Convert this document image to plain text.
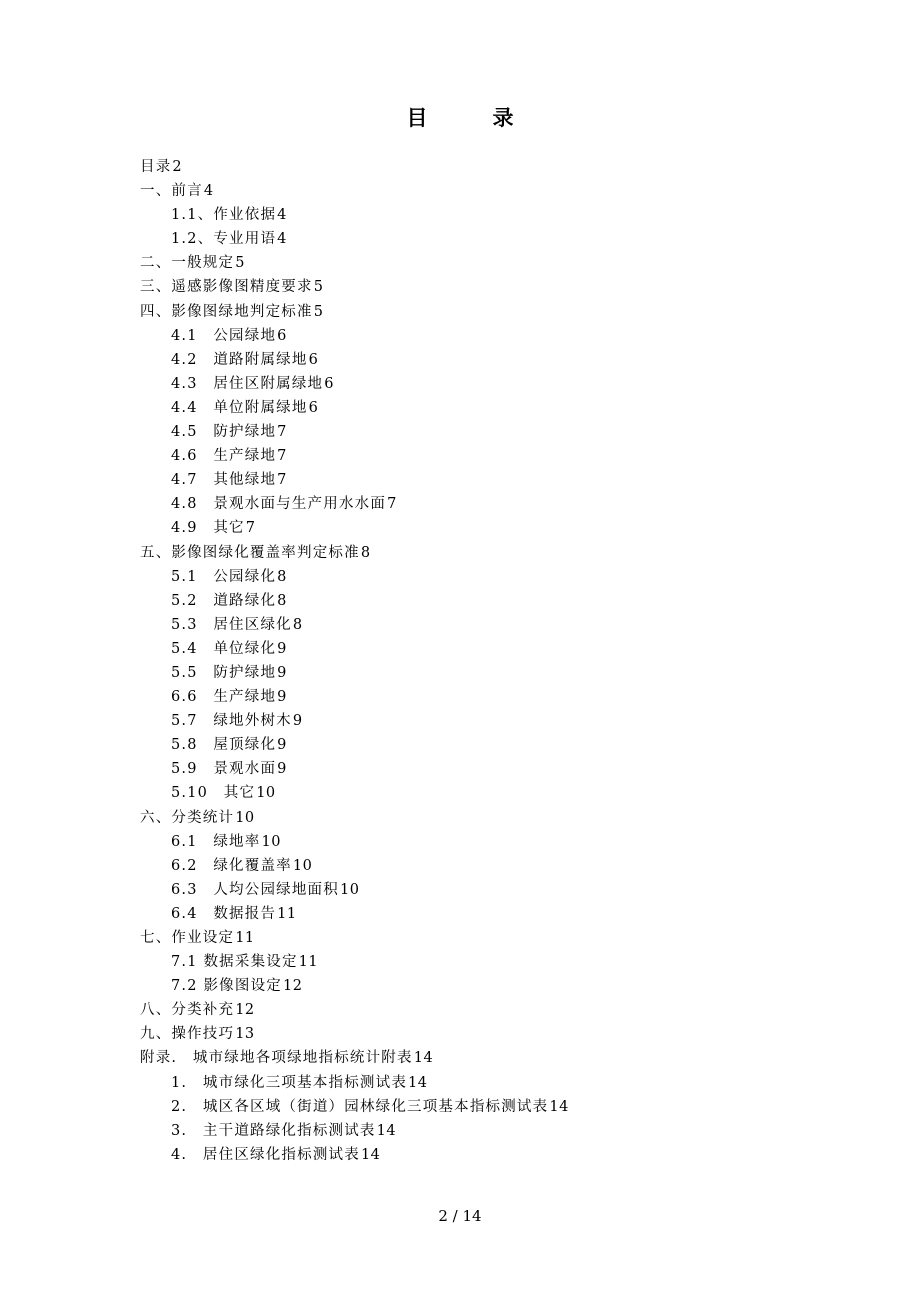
目　录
目录2
一、前言4
1.1、作业依据4
1.2、专业用语4
二、一般规定5
三、遥感影像图精度要求5
四、影像图绿地判定标准5
4.1　公园绿地6
4.2　道路附属绿地6
4.3　居住区附属绿地6
4.4　单位附属绿地6
4.5　防护绿地7
4.6　生产绿地7
4.7　其他绿地7
4.8　景观水面与生产用水水面7
4.9　其它7
五、影像图绿化覆盖率判定标准8
5.1　公园绿化8
5.2　道路绿化8
5.3　居住区绿化8
5.4　单位绿化9
5.5　防护绿地9
6.6　生产绿地9
5.7　绿地外树木9
5.8　屋顶绿化9
5.9　景观水面9
5.10　其它10
六、分类统计10
6.1　绿地率10
6.2　绿化覆盖率10
6.3　人均公园绿地面积10
6.4　数据报告11
七、作业设定11
7.1 数据采集设定11
7.2 影像图设定12
八、分类补充12
九、操作技巧13
附录.　城市绿地各项绿地指标统计附表14
1.　城市绿化三项基本指标测试表14
2.　城区各区域（街道）园林绿化三项基本指标测试表14
3.　主干道路绿化指标测试表14
4.　居住区绿化指标测试表14
2 / 14
